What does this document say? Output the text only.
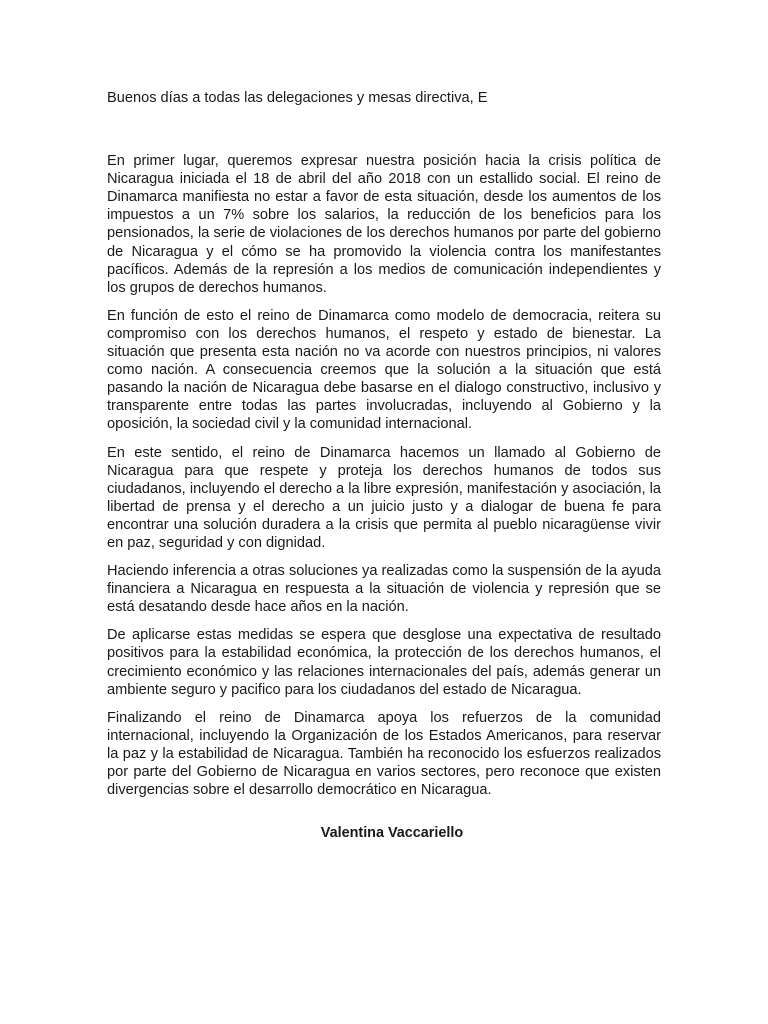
Buenos días a todas las delegaciones y mesas directiva, E

En primer lugar, queremos expresar nuestra posición hacia la crisis política de Nicaragua iniciada el 18 de abril del año 2018 con un estallido social. El reino de Dinamarca manifiesta no estar a favor de esta situación, desde los aumentos de los impuestos a un 7% sobre los salarios, la reducción de los beneficios para los pensionados, la serie de violaciones de los derechos humanos por parte del gobierno de Nicaragua y el cómo se ha promovido la violencia contra los manifestantes pacíficos. Además de la represión a los medios de comunicación independientes y los grupos de derechos humanos.

En función de esto el reino de Dinamarca como modelo de democracia, reitera su compromiso con los derechos humanos, el respeto y estado de bienestar. La situación que presenta esta nación no va acorde con nuestros principios, ni valores como nación. A consecuencia creemos que la solución a la situación que está pasando la nación de Nicaragua debe basarse en el dialogo constructivo, inclusivo y transparente entre todas las partes involucradas, incluyendo al Gobierno y la oposición, la sociedad civil y la comunidad internacional.

En este sentido, el reino de Dinamarca hacemos un llamado al Gobierno de Nicaragua para que respete y proteja los derechos humanos de todos sus ciudadanos, incluyendo el derecho a la libre expresión, manifestación y asociación, la libertad de prensa y el derecho a un juicio justo y a dialogar de buena fe para encontrar una solución duradera a la crisis que permita al pueblo nicaragüense vivir en paz, seguridad y con dignidad.

Haciendo inferencia a otras soluciones ya realizadas como la suspensión de la ayuda financiera a Nicaragua en respuesta a la situación de violencia y represión que se está desatando desde hace años en la nación.

De aplicarse estas medidas se espera que desglose una expectativa de resultado positivos para la estabilidad económica, la protección de los derechos humanos, el crecimiento económico y las relaciones internacionales del país, además generar un ambiente seguro y pacifico para los ciudadanos del estado de Nicaragua.

Finalizando el reino de Dinamarca apoya los refuerzos de la comunidad internacional, incluyendo la Organización de los Estados Americanos, para reservar la paz y la estabilidad de Nicaragua. También ha reconocido los esfuerzos realizados por parte del Gobierno de Nicaragua en varios sectores, pero reconoce que existen divergencias sobre el desarrollo democrático en Nicaragua.

Valentina Vaccariello
